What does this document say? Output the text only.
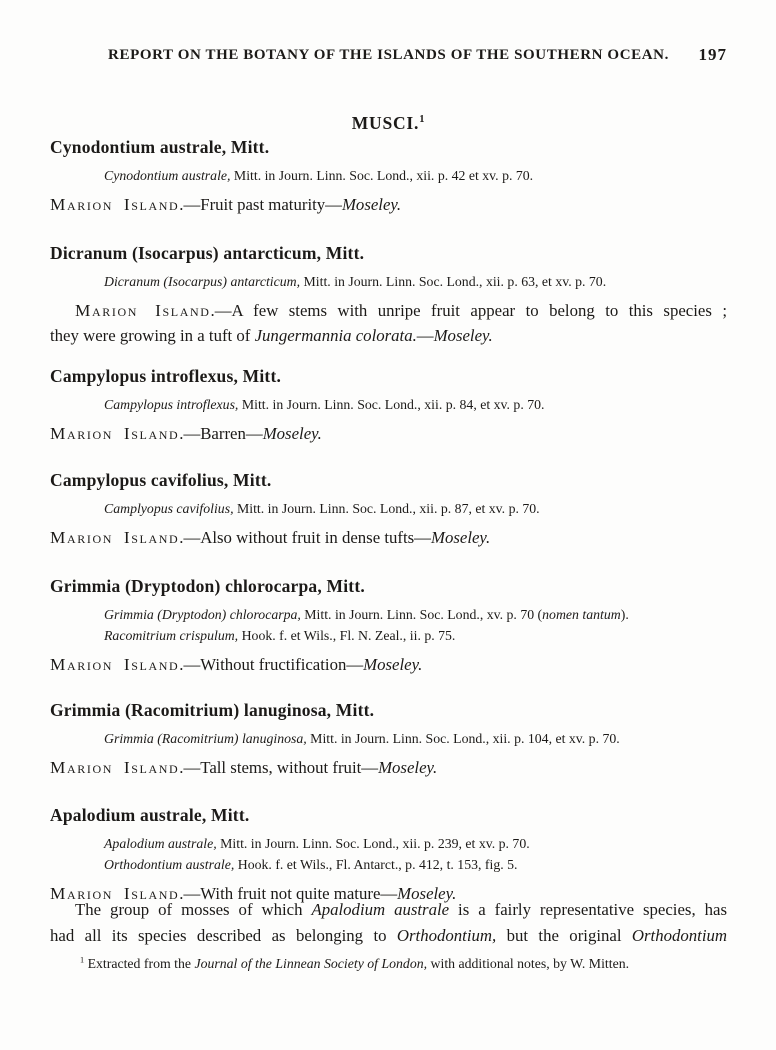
REPORT ON THE BOTANY OF THE ISLANDS OF THE SOUTHERN OCEAN.	197
MUSCI.$^1$
Cynodontium australe, Mitt.
Cynodontium australe, Mitt. in Journ. Linn. Soc. Lond., xii. p. 42 et xv. p. 70.
Marion Island.—Fruit past maturity—Moseley.
Dicranum (Isocarpus) antarcticum, Mitt.
Dicranum (Isocarpus) antarcticum, Mitt. in Journ. Linn. Soc. Lond., xii. p. 63, et xv. p. 70.
Marion Island.—A few stems with unripe fruit appear to belong to this species ;
they were growing in a tuft of Jungermannia colorata.—Moseley.
Campylopus introflexus, Mitt.
Campylopus introflexus, Mitt. in Journ. Linn. Soc. Lond., xii. p. 84, et xv. p. 70.
Marion Island.—Barren—Moseley.
Campylopus cavifolius, Mitt.
Camplyopus cavifolius, Mitt. in Journ. Linn. Soc. Lond., xii. p. 87, et xv. p. 70.
Marion Island.—Also without fruit in dense tufts—Moseley.
Grimmia (Dryptodon) chlorocarpa, Mitt.
Grimmia (Dryptodon) chlorocarpa, Mitt. in Journ. Linn. Soc. Lond., xv. p. 70 (nomen tantum).
Racomitrium crispulum, Hook. f. et Wils., Fl. N. Zeal., ii. p. 75.
Marion Island.—Without fructification—Moseley.
Grimmia (Racomitrium) lanuginosa, Mitt.
Grimmia (Racomitrium) lanuginosa, Mitt. in Journ. Linn. Soc. Lond., xii. p. 104, et xv. p. 70.
Marion Island.—Tall stems, without fruit—Moseley.
Apalodium australe, Mitt.
Apalodium australe, Mitt. in Journ. Linn. Soc. Lond., xii. p. 239, et xv. p. 70.
Orthodontium australe, Hook. f. et Wils., Fl. Antarct., p. 412, t. 153, fig. 5.
Marion Island.—With fruit not quite mature—Moseley.
The group of mosses of which Apalodium australe is a fairly representative species, has
had all its species described as belonging to Orthodontium, but the original Orthodontium
$^1$ Extracted from the Journal of the Linnean Society of London, with additional notes, by W. Mitten.
